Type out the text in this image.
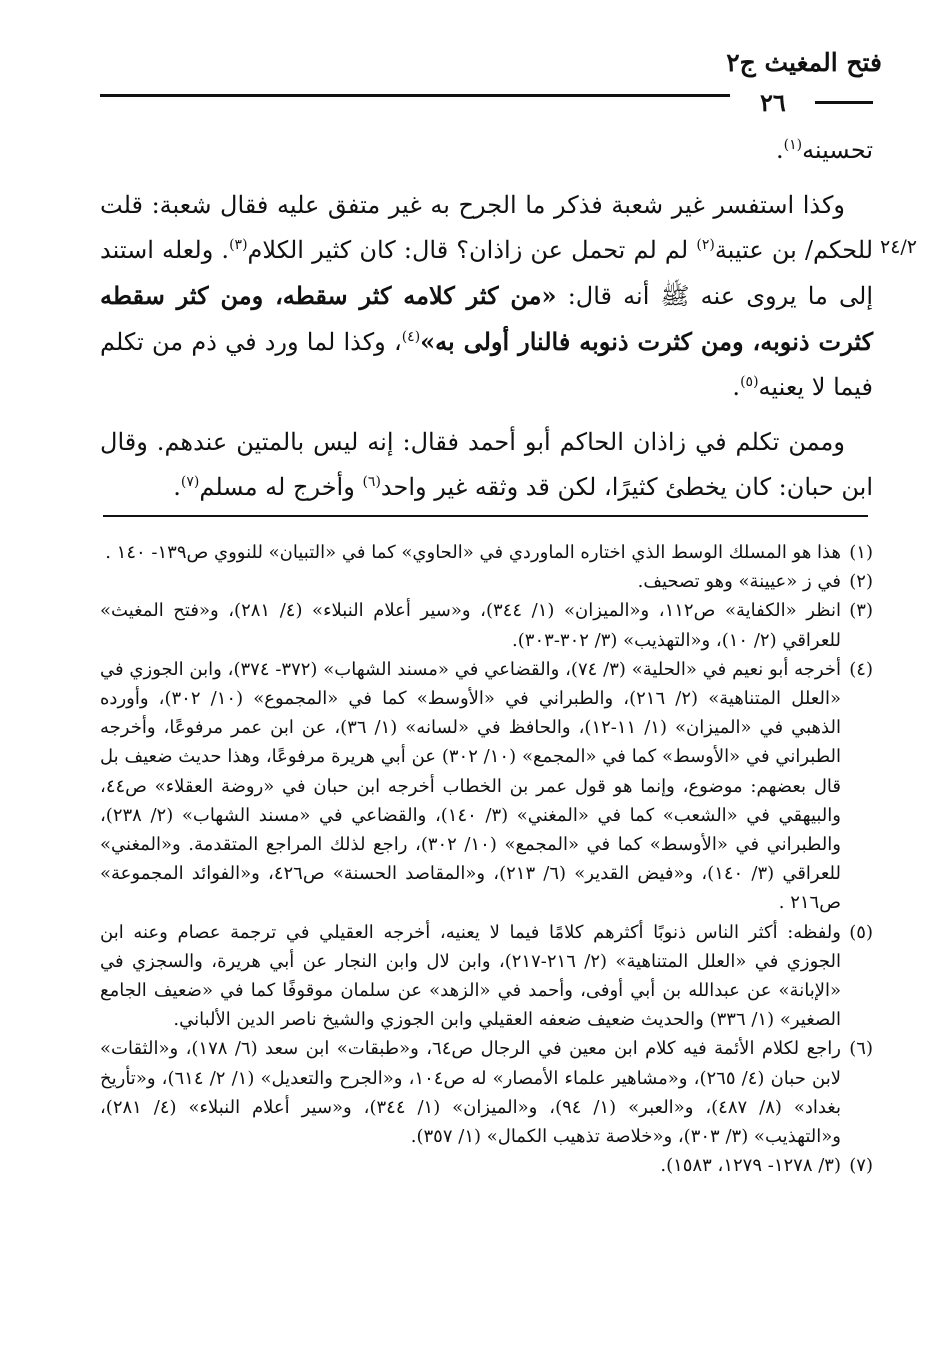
فتح المغيث ج٢
٢٦
٢٤/٢

تحسينه$^{(١)}$.

وكذا استفسر غير شعبة فذكر ما الجرح به غير متفق عليه فقال شعبة: قلت للحكم/ بن عتيبة$^{(٢)}$ لم لم تحمل عن زاذان؟ قال: كان كثير الكلام$^{(٣)}$. ولعله استند إلى ما يروى عنه ﷺ أنه قال: «من كثر كلامه كثر سقطه، ومن كثر سقطه كثرت ذنوبه، ومن كثرت ذنوبه فالنار أولى به»$^{(٤)}$، وكذا لما ورد في ذم من تكلم فيما لا يعنيه$^{(٥)}$.

وممن تكلم في زاذان الحاكم أبو أحمد فقال: إنه ليس بالمتين عندهم. وقال ابن حبان: كان يخطئ كثيرًا، لكن قد وثقه غير واحد$^{(٦)}$ وأخرج له مسلم$^{(٧)}$.

(١)
هذا هو المسلك الوسط الذي اختاره الماوردي في «الحاوي» كما في «التبيان» للنووي ص١٣٩- ١٤٠ .
(٢)
في ز «عيينة» وهو تصحيف.
(٣)
انظر «الكفاية» ص١١٢، و«الميزان» (١/ ٣٤٤)، و«سير أعلام النبلاء» (٤/ ٢٨١)، و«فتح المغيث» للعراقي (٢/ ١٠)، و«التهذيب» (٣/ ٣٠٢-٣٠٣).
(٤)
أخرجه أبو نعيم في «الحلية» (٣/ ٧٤)، والقضاعي في «مسند الشهاب» (٣٧٢- ٣٧٤)، وابن الجوزي في «العلل المتناهية» (٢/ ٢١٦)، والطبراني في «الأوسط» كما في «المجموع» (١٠/ ٣٠٢)، وأورده الذهبي في «الميزان» (١/ ١١-١٢)، والحافظ في «لسانه» (١/ ٣٦)، عن ابن عمر مرفوعًا، وأخرجه الطبراني في «الأوسط» كما في «المجمع» (١٠/ ٣٠٢) عن أبي هريرة مرفوعًا، وهذا حديث ضعيف بل قال بعضهم: موضوع، وإنما هو قول عمر بن الخطاب أخرجه ابن حبان في «روضة العقلاء» ص٤٤، والبيهقي في «الشعب» كما في «المغني» (٣/ ١٤٠)، والقضاعي في «مسند الشهاب» (٢/ ٢٣٨)، والطبراني في «الأوسط» كما في «المجمع» (١٠/ ٣٠٢)، راجع لذلك المراجع المتقدمة. و«المغني» للعراقي (٣/ ١٤٠)، و«فيض القدير» (٦/ ٢١٣)، و«المقاصد الحسنة» ص٤٢٦، و«الفوائد المجموعة» ص٢١٦ .
(٥)
ولفظه: أكثر الناس ذنوبًا أكثرهم كلامًا فيما لا يعنيه، أخرجه العقيلي في ترجمة عصام وعنه ابن الجوزي في «العلل المتناهية» (٢/ ٢١٦-٢١٧)، وابن لال وابن النجار عن أبي هريرة، والسجزي في «الإبانة» عن عبدالله بن أبي أوفى، وأحمد في «الزهد» عن سلمان موقوفًا كما في «ضعيف الجامع الصغير» (١/ ٣٣٦) والحديث ضعيف ضعفه العقيلي وابن الجوزي والشيخ ناصر الدين الألباني.
(٦)
راجع لكلام الأئمة فيه كلام ابن معين في الرجال ص٦٤، و«طبقات» ابن سعد (٦/ ١٧٨)، و«الثقات» لابن حبان (٤/ ٢٦٥)، و«مشاهير علماء الأمصار» له ص١٠٤، و«الجرح والتعديل» (١/ ٢/ ٦١٤)، و«تأريخ بغداد» (٨/ ٤٨٧)، و«العبر» (١/ ٩٤)، و«الميزان» (١/ ٣٤٤)، و«سير أعلام النبلاء» (٤/ ٢٨١)، و«التهذيب» (٣/ ٣٠٣)، و«خلاصة تذهيب الكمال» (١/ ٣٥٧).
(٧)
(٣/ ١٢٧٨- ١٢٧٩، ١٥٨٣).
